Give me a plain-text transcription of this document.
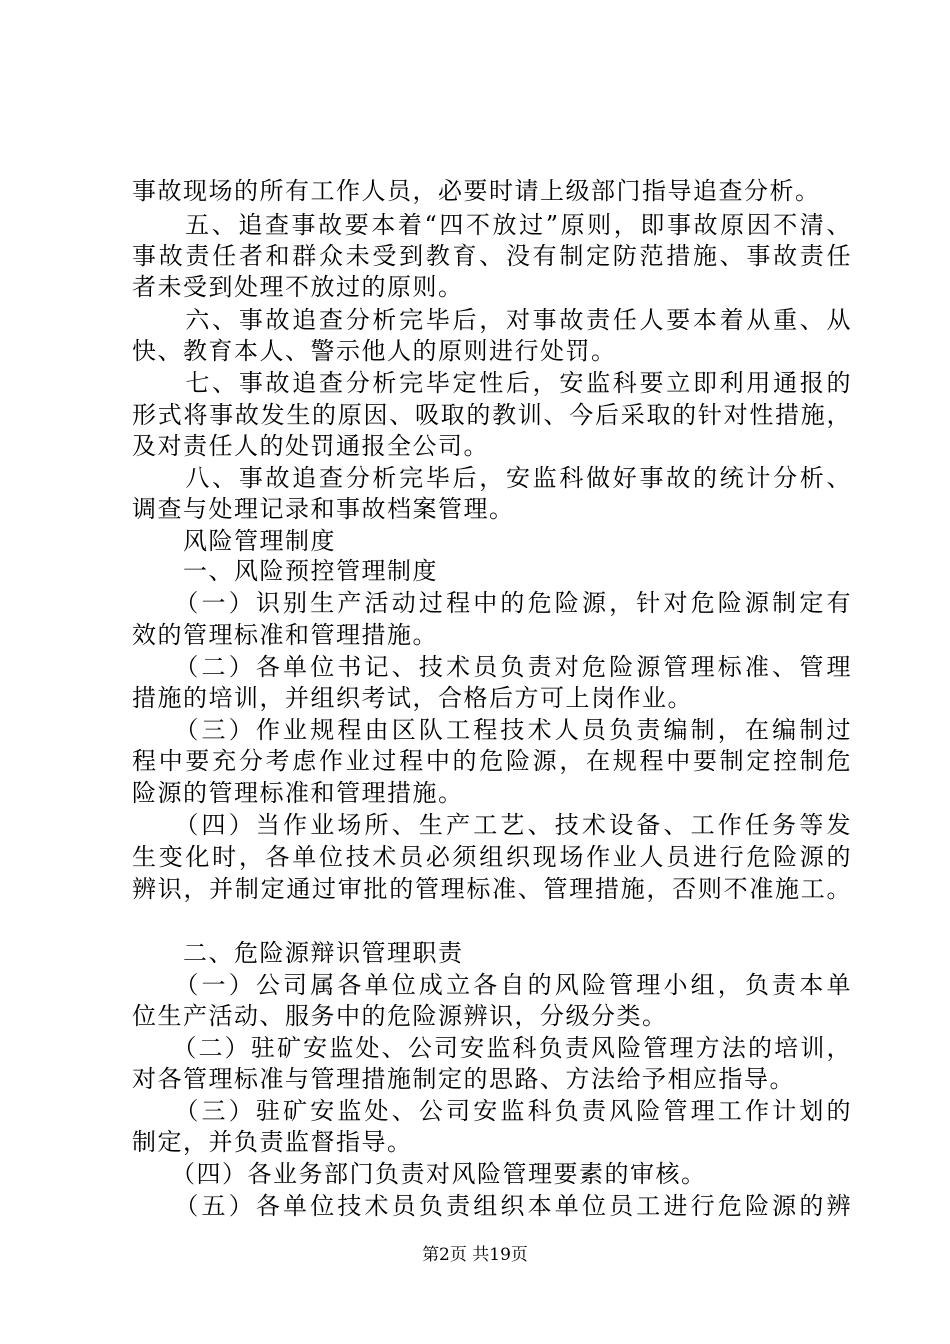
事故现场的所有工作人员，必要时请上级部门指导追查分析。
　　五、追查事故要本着“四不放过”原则，即事故原因不清、
事故责任者和群众未受到教育、没有制定防范措施、事故责任
者未受到处理不放过的原则。
　　六、事故追查分析完毕后，对事故责任人要本着从重、从
快、教育本人、警示他人的原则进行处罚。
　　七、事故追查分析完毕定性后，安监科要立即利用通报的
形式将事故发生的原因、吸取的教训、今后采取的针对性措施，
及对责任人的处罚通报全公司。
　　八、事故追查分析完毕后，安监科做好事故的统计分析、
调查与处理记录和事故档案管理。
　　风险管理制度
　　一、风险预控管理制度
　　（一）识别生产活动过程中的危险源，针对危险源制定有
效的管理标准和管理措施。
　　（二）各单位书记、技术员负责对危险源管理标准、管理
措施的培训，并组织考试，合格后方可上岗作业。
　　（三）作业规程由区队工程技术人员负责编制，在编制过
程中要充分考虑作业过程中的危险源，在规程中要制定控制危
险源的管理标准和管理措施。
　　（四）当作业场所、生产工艺、技术设备、工作任务等发
生变化时，各单位技术员必须组织现场作业人员进行危险源的
辨识，并制定通过审批的管理标准、管理措施，否则不准施工。
　　二、危险源辩识管理职责
　　（一）公司属各单位成立各自的风险管理小组，负责本单
位生产活动、服务中的危险源辨识，分级分类。
　　（二）驻矿安监处、公司安监科负责风险管理方法的培训，
对各管理标准与管理措施制定的思路、方法给予相应指导。
　　（三）驻矿安监处、公司安监科负责风险管理工作计划的
制定，并负责监督指导。
　　（四）各业务部门负责对风险管理要素的审核。
　　（五）各单位技术员负责组织本单位员工进行危险源的辨
第2页 共19页
